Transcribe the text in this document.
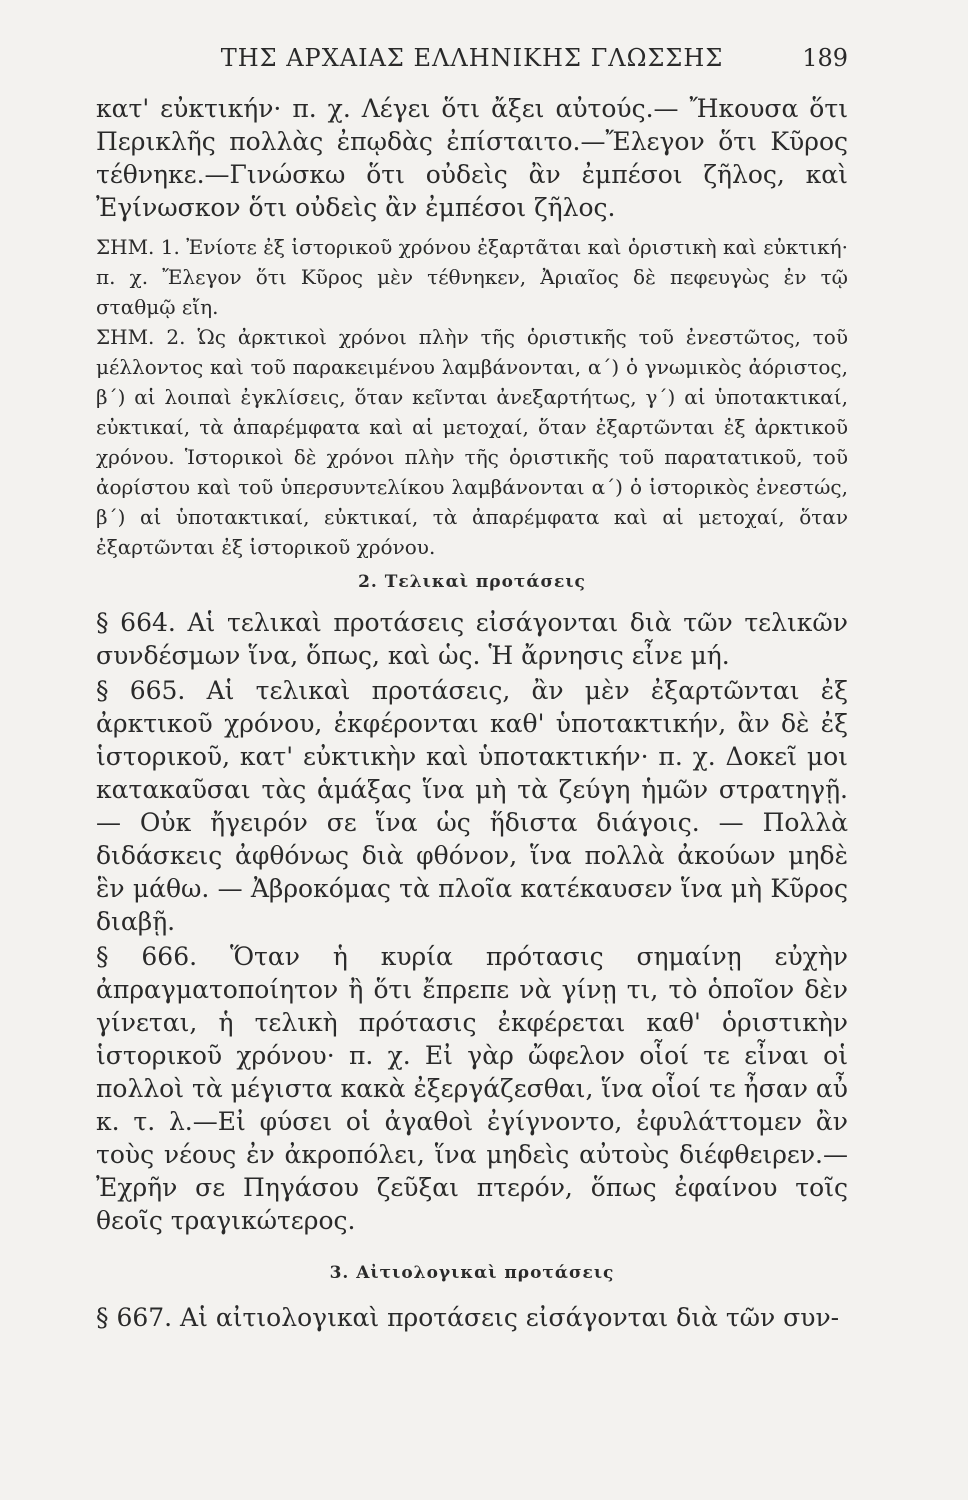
ΤΗΣ ΑΡΧΑΙΑΣ ΕΛΛΗΝΙΚΗΣ ΓΛΩΣΣΗΣ	189

κατ' εὐκτικήν· π. χ. Λέγει ὅτι ἄξει αὐτούς.— Ἤκουσα ὅτι Περικλῆς πολλὰς ἐπῳδὰς ἐπίσταιτο.—Ἔλεγον ὅτι Κῦρος τέθνηκε.—Γινώσκω ὅτι οὐδεὶς ἂν ἐμπέσοι ζῆλος, καὶ Ἐγίνωσκον ὅτι οὐδεὶς ἂν ἐμπέσοι ζῆλος.

ΣΗΜ. 1. Ἐνίοτε ἐξ ἱστορικοῦ χρόνου ἐξαρτᾶται καὶ ὁριστικὴ καὶ εὐκτική· π. χ. Ἔλεγον ὅτι Κῦρος μὲν τέθνηκεν, Ἀριαῖος δὲ πεφευγὼς ἐν τῷ σταθμῷ εἴη.

ΣΗΜ. 2. Ὡς ἀρκτικοὶ χρόνοι πλὴν τῆς ὁριστικῆς τοῦ ἐνεστῶτος, τοῦ μέλλοντος καὶ τοῦ παρακειμένου λαμβάνονται, α΄) ὁ γνωμικὸς ἀόριστος, β΄) αἱ λοιπαὶ ἐγκλίσεις, ὅταν κεῖνται ἀνεξαρτήτως, γ΄) αἱ ὑποτακτικαί, εὐκτικαί, τὰ ἀπαρέμφατα καὶ αἱ μετοχαί, ὅταν ἐξαρτῶνται ἐξ ἀρκτικοῦ χρόνου. Ἱστορικοὶ δὲ χρόνοι πλὴν τῆς ὁριστικῆς τοῦ παρατατικοῦ, τοῦ ἀορίστου καὶ τοῦ ὑπερσυντελίκου λαμβάνονται α΄) ὁ ἱστορικὸς ἐνεστώς, β΄) αἱ ὑποτακτικαί, εὐκτικαί, τὰ ἀπαρέμφατα καὶ αἱ μετοχαί, ὅταν ἐξαρτῶνται ἐξ ἱστορικοῦ χρόνου.

2. Τελικαὶ προτάσεις

§ 664. Αἱ τελικαὶ προτάσεις εἰσάγονται διὰ τῶν τελικῶν συνδέσμων ἵνα, ὅπως, καὶ ὡς. Ἡ ἄρνησις εἶνε μή.

§ 665. Αἱ τελικαὶ προτάσεις, ἂν μὲν ἐξαρτῶνται ἐξ ἀρκτικοῦ χρόνου, ἐκφέρονται καθ' ὑποτακτικήν, ἂν δὲ ἐξ ἱστορικοῦ, κατ' εὐκτικὴν καὶ ὑποτακτικήν· π. χ. Δοκεῖ μοι κατακαῦσαι τὰς ἁμάξας ἵνα μὴ τὰ ζεύγη ἡμῶν στρατηγῇ.— Οὐκ ἤγειρόν σε ἵνα ὡς ἥδιστα διάγοις. — Πολλὰ διδάσκεις ἀφθόνως διὰ φθόνον, ἵνα πολλὰ ἀκούων μηδὲ ἓν μάθω. — Ἀβροκόμας τὰ πλοῖα κατέκαυσεν ἵνα μὴ Κῦρος διαβῇ.

§ 666. Ὅταν ἡ κυρία πρότασις σημαίνῃ εὐχὴν ἀπραγματοποίητον ἢ ὅτι ἔπρεπε νὰ γίνῃ τι, τὸ ὁποῖον δὲν γίνεται, ἡ τελικὴ πρότασις ἐκφέρεται καθ' ὁριστικὴν ἱστορικοῦ χρόνου· π. χ. Εἰ γὰρ ὤφελον οἷοί τε εἶναι οἱ πολλοὶ τὰ μέγιστα κακὰ ἐξεργάζεσθαι, ἵνα οἷοί τε ἦσαν αὖ κ. τ. λ.—Εἰ φύσει οἱ ἀγαθοὶ ἐγίγνοντο, ἐφυλάττομεν ἂν τοὺς νέους ἐν ἀκροπόλει, ἵνα μηδεὶς αὐτοὺς διέφθειρεν.—Ἐχρῆν σε Πηγάσου ζεῦξαι πτερόν, ὅπως ἐφαίνου τοῖς θεοῖς τραγικώτερος.

3. Αἰτιολογικαὶ προτάσεις

§ 667. Αἱ αἰτιολογικαὶ προτάσεις εἰσάγονται διὰ τῶν συν-
